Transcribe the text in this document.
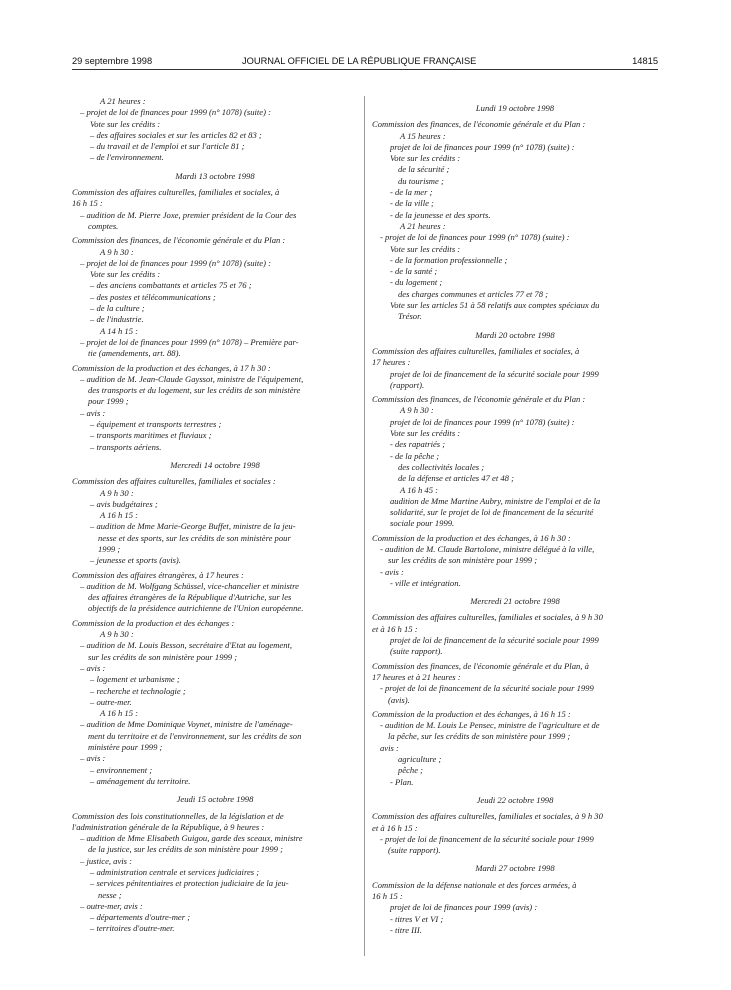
29 septembre 1998	JOURNAL OFFICIEL DE LA RÉPUBLIQUE FRANÇAISE	14815
A 21 heures :
– projet de loi de finances pour 1999 (n° 1078) (suite) :
Vote sur les crédits :
– des affaires sociales et sur les articles 82 et 83 ;
– du travail et de l'emploi et sur l'article 81 ;
– de l'environnement.
Mardi 13 octobre 1998
Commission des affaires culturelles, familiales et sociales, à
16 h 15 :
– audition de M. Pierre Joxe, premier président de la Cour des
comptes.
Commission des finances, de l'économie générale et du Plan :
A 9 h 30 :
– projet de loi de finances pour 1999 (n° 1078) (suite) :
Vote sur les crédits :
– des anciens combattants et articles 75 et 76 ;
– des postes et télécommunications ;
– de la culture ;
– de l'industrie.
A 14 h 15 :
– projet de loi de finances pour 1999 (n° 1078) – Première par-
tie (amendements, art. 88).
Commission de la production et des échanges, à 17 h 30 :
– audition de M. Jean-Claude Gayssot, ministre de l'équipement,
des transports et du logement, sur les crédits de son ministère
pour 1999 ;
– avis :
– équipement et transports terrestres ;
– transports maritimes et fluviaux ;
– transports aériens.
Mercredi 14 octobre 1998
Commission des affaires culturelles, familiales et sociales :
A 9 h 30 :
– avis budgétaires ;
A 16 h 15 :
– audition de Mme Marie-George Buffet, ministre de la jeu-
nesse et des sports, sur les crédits de son ministère pour
1999 ;
– jeunesse et sports (avis).
Commission des affaires étrangères, à 17 heures :
– audition de M. Wolfgang Schüssel, vice-chancelier et ministre
des affaires étrangères de la République d'Autriche, sur les
objectifs de la présidence autrichienne de l'Union européenne.
Commission de la production et des échanges :
A 9 h 30 :
– audition de M. Louis Besson, secrétaire d'Etat au logement,
sur les crédits de son ministère pour 1999 ;
– avis :
– logement et urbanisme ;
– recherche et technologie ;
– outre-mer.
A 16 h 15 :
– audition de Mme Dominique Voynet, ministre de l'aménage-
ment du territoire et de l'environnement, sur les crédits de son
ministère pour 1999 ;
– avis :
– environnement ;
– aménagement du territoire.
Jeudi 15 octobre 1998
Commission des lois constitutionnelles, de la législation et de
l'administration générale de la République, à 9 heures :
– audition de Mme Elisabeth Guigou, garde des sceaux, ministre
de la justice, sur les crédits de son ministère pour 1999 ;
– justice, avis :
– administration centrale et services judiciaires ;
– services pénitentiaires et protection judiciaire de la jeu-
nesse ;
– outre-mer, avis :
– départements d'outre-mer ;
– territoires d'outre-mer.
Lundi 19 octobre 1998
Commission des finances, de l'économie générale et du Plan :
A 15 heures :
projet de loi de finances pour 1999 (n° 1078) (suite) :
Vote sur les crédits :
de la sécurité ;
du tourisme ;
- de la mer ;
- de la ville ;
- de la jeunesse et des sports.
A 21 heures :
- projet de loi de finances pour 1999 (n° 1078) (suite) :
Vote sur les crédits :
- de la formation professionnelle ;
- de la santé ;
- du logement ;
des charges communes et articles 77 et 78 ;
Vote sur les articles 51 à 58 relatifs aux comptes spéciaux du
Trésor.
Mardi 20 octobre 1998
Commission des affaires culturelles, familiales et sociales, à
17 heures :
projet de loi de financement de la sécurité sociale pour 1999
(rapport).
Commission des finances, de l'économie générale et du Plan :
A 9 h 30 :
projet de loi de finances pour 1999 (n° 1078) (suite) :
Vote sur les crédits :
- des rapatriés ;
- de la pêche ;
des collectivités locales ;
de la défense et articles 47 et 48 ;
A 16 h 45 :
audition de Mme Martine Aubry, ministre de l'emploi et de la
solidarité, sur le projet de loi de financement de la sécurité
sociale pour 1999.
Commission de la production et des échanges, à 16 h 30 :
- audition de M. Claude Bartolone, ministre délégué à la ville,
sur les crédits de son ministère pour 1999 ;
- avis :
- ville et intégration.
Mercredi 21 octobre 1998
Commission des affaires culturelles, familiales et sociales, à 9 h 30
et à 16 h 15 :
projet de loi de financement de la sécurité sociale pour 1999
(suite rapport).
Commission des finances, de l'économie générale et du Plan, à
17 heures et à 21 heures :
- projet de loi de financement de la sécurité sociale pour 1999
(avis).
Commission de la production et des échanges, à 16 h 15 :
- audition de M. Louis Le Pensec, ministre de l'agriculture et de
la pêche, sur les crédits de son ministère pour 1999 ;
avis :
agriculture ;
pêche ;
- Plan.
Jeudi 22 octobre 1998
Commission des affaires culturelles, familiales et sociales, à 9 h 30
et à 16 h 15 :
- projet de loi de financement de la sécurité sociale pour 1999
(suite rapport).
Mardi 27 octobre 1998
Commission de la défense nationale et des forces armées, à
16 h 15 :
projet de loi de finances pour 1999 (avis) :
- titres V et VI ;
- titre III.
